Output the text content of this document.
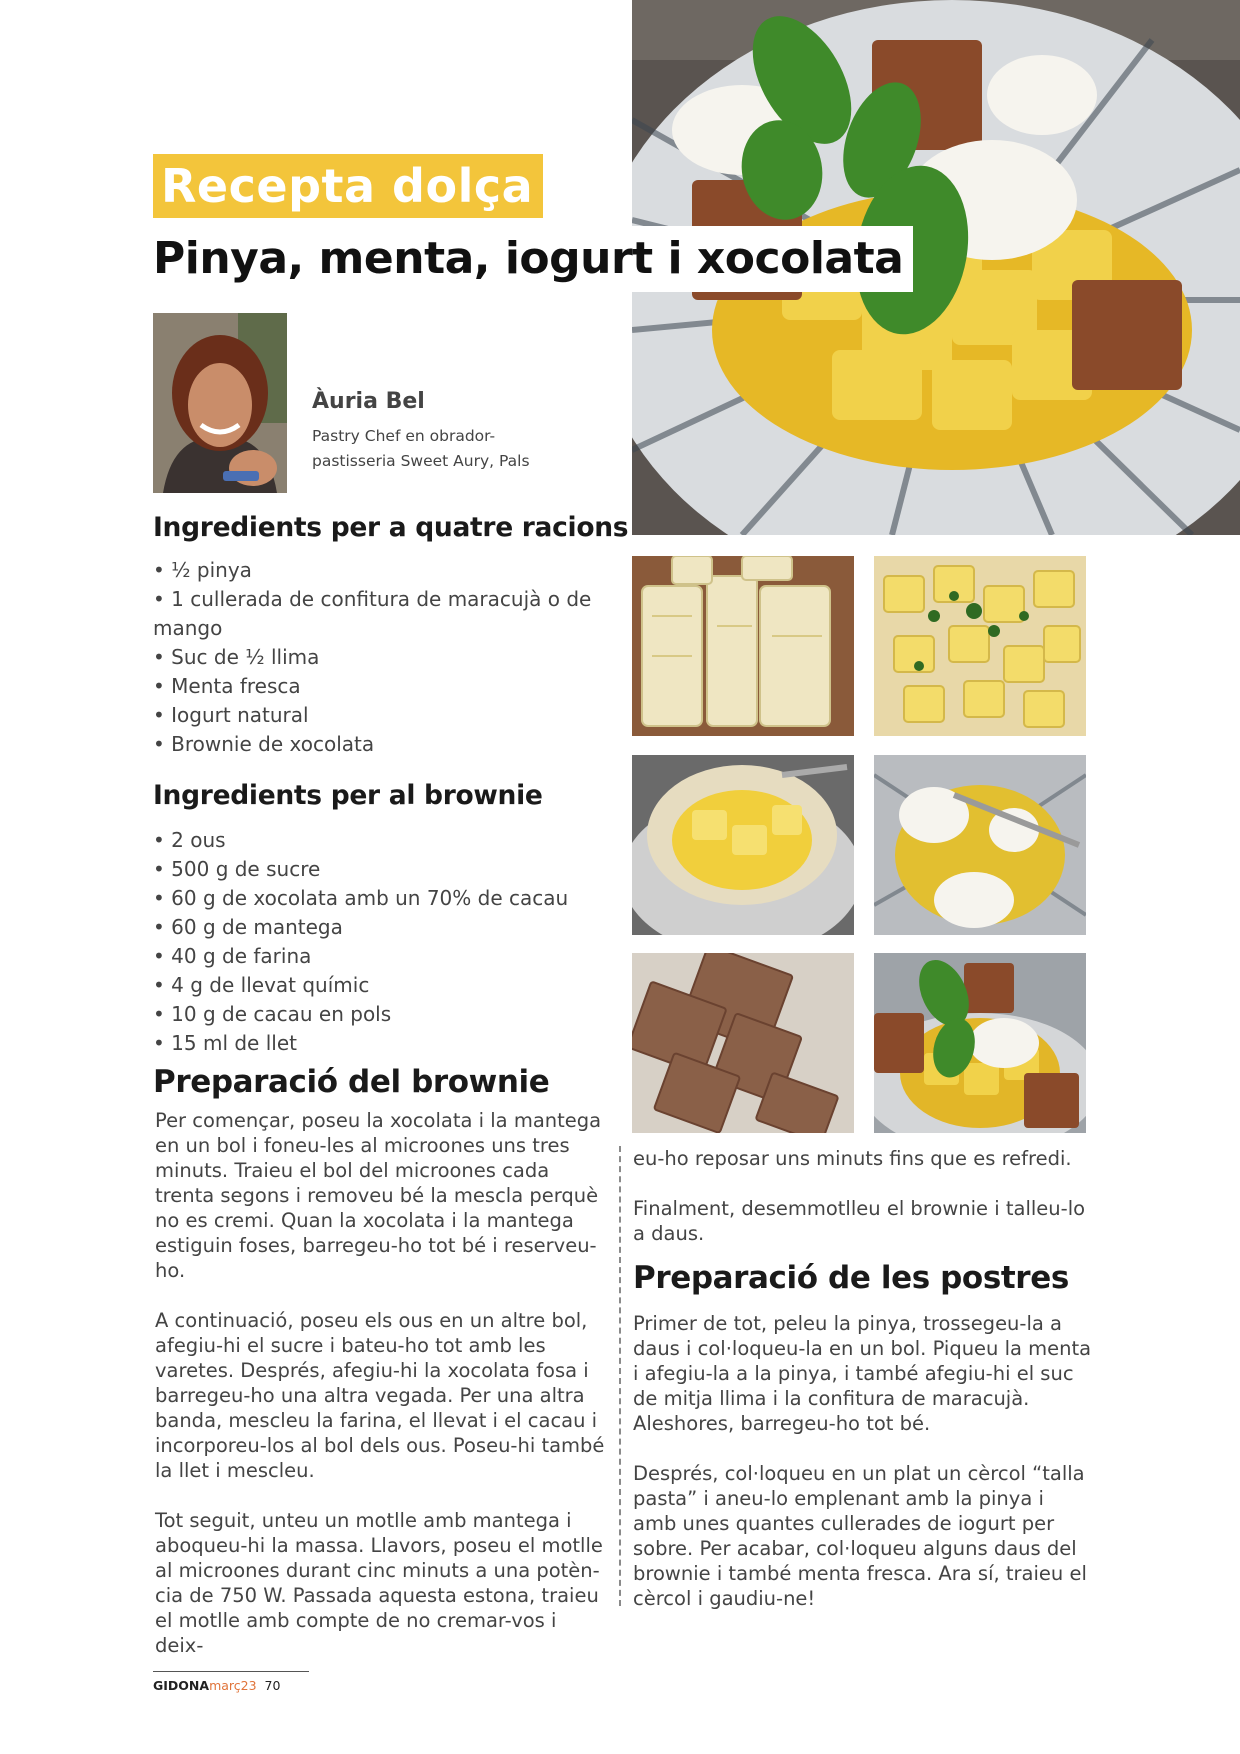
Recepta dolça
Pinya, menta, iogurt i xocolata
Àuria Bel
Pastry Chef en obrador-
pastisseria Sweet Aury, Pals
Ingredients per a quatre racions
• ½ pinya
• 1 cullerada de confitura de maracujà o de mango
• Suc de ½ llima
• Menta fresca
• Iogurt natural
• Brownie de xocolata
Ingredients per al brownie
• 2 ous
• 500 g de sucre
• 60 g de xocolata amb un 70% de cacau
• 60 g de mantega
• 40 g de farina
• 4 g de llevat químic
• 10 g de cacau en pols
• 15 ml de llet
Preparació del brownie

Per començar, poseu la xocolata i la mantega en un bol i foneu-les al microones uns tres minuts. Traieu el bol del microones cada trenta segons i removeu bé la mescla perquè no es cremi. Quan la xocolata i la mantega estiguin foses, barregeu-ho tot bé i reserveu-ho.

A continuació, poseu els ous en un altre bol, afegiu-hi el sucre i bateu-ho tot amb les varetes. Després, afegiu-hi la xocolata fosa i barregeu-ho una altra vegada. Per una altra banda, mescleu la farina, el llevat i el cacau i incorporeu-los al bol dels ous. Poseu-hi també la llet i mescleu.

Tot seguit, unteu un motlle amb mantega i aboqueu-hi la massa. Llavors, poseu el motlle al microones durant cinc minuts a una potèn-cia de 750 W. Passada aquesta estona, traieu el motlle amb compte de no cremar-vos i deix-

eu-ho reposar uns minuts fins que es refredi.

Finalment, desemmotlleu el brownie i talleu-lo a daus.

Preparació de les postres

Primer de tot, peleu la pinya, trossegeu-la a daus i col·loqueu-la en un bol. Piqueu la menta i afegiu-la a la pinya, i també afegiu-hi el suc de mitja llima i la confitura de maracujà. Aleshores, barregeu-ho tot bé.

Després, col·loqueu en un plat un cèrcol “talla pasta” i aneu-lo emplenant amb la pinya i amb unes quantes cullerades de iogurt per sobre. Per acabar, col·loqueu alguns daus del brownie i també menta fresca. Ara sí, traieu el cèrcol i gaudiu-ne!

GIDONAmarç23 70
